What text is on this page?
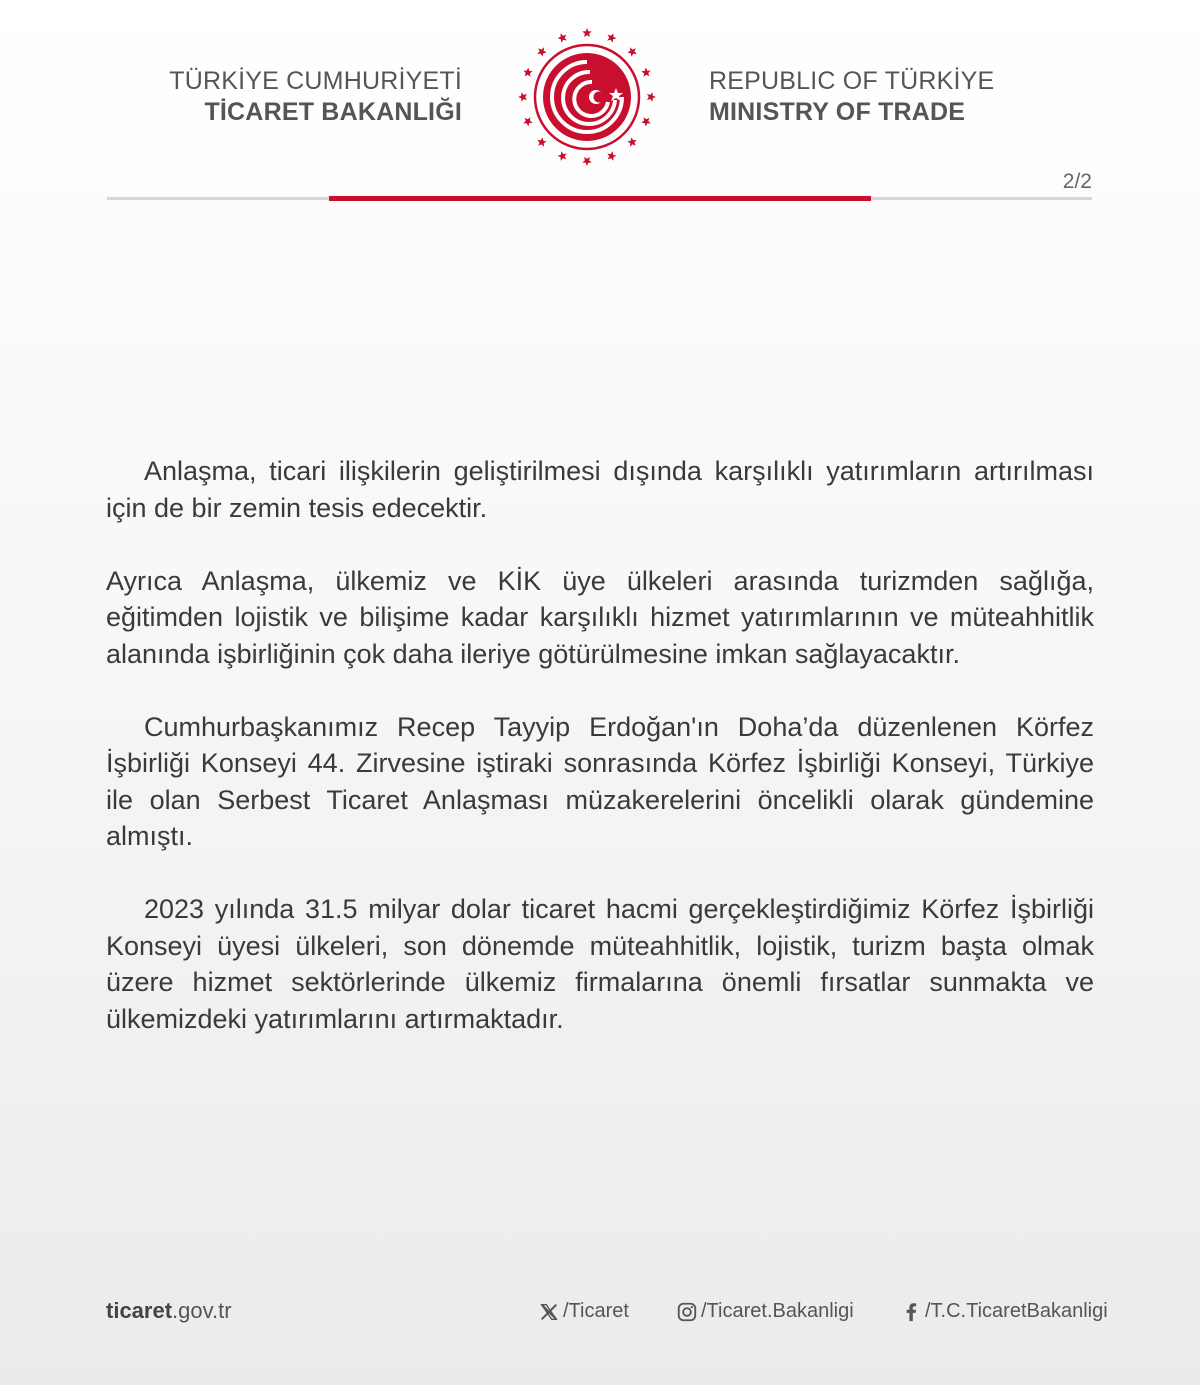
TÜRKİYE CUMHURİYETİ
TİCARET BAKANLIĞI
REPUBLIC OF TÜRKİYE
MINISTRY OF TRADE
2/2

Anlaşma, ticari ilişkilerin geliştirilmesi dışında karşılıklı yatırımların artırılması için de bir zemin tesis edecektir.

Ayrıca Anlaşma, ülkemiz ve KİK üye ülkeleri arasında turizmden sağlığa, eğitimden lojistik ve bilişime kadar karşılıklı hizmet yatırımlarının ve müteahhitlik alanında işbirliğinin çok daha ileriye götürülmesine imkan sağlayacaktır.

Cumhurbaşkanımız Recep Tayyip Erdoğan'ın Doha’da düzenlenen Körfez İşbirliği Konseyi 44. Zirvesine iştiraki sonrasında Körfez İşbirliği Konseyi, Türkiye ile olan Serbest Ticaret Anlaşması müzakerelerini öncelikli olarak gündemine almıştı.

2023 yılında 31.5 milyar dolar ticaret hacmi gerçekleştirdiğimiz Körfez İşbirliği Konseyi üyesi ülkeleri, son dönemde müteahhitlik, lojistik, turizm başta olmak üzere hizmet sektörlerinde ülkemiz firmalarına önemli fırsatlar sunmakta ve ülkemizdeki yatırımlarını artırmaktadır.

ticaret.gov.tr	/Ticaret	/Ticaret.Bakanligi	/T.C.TicaretBakanligi
